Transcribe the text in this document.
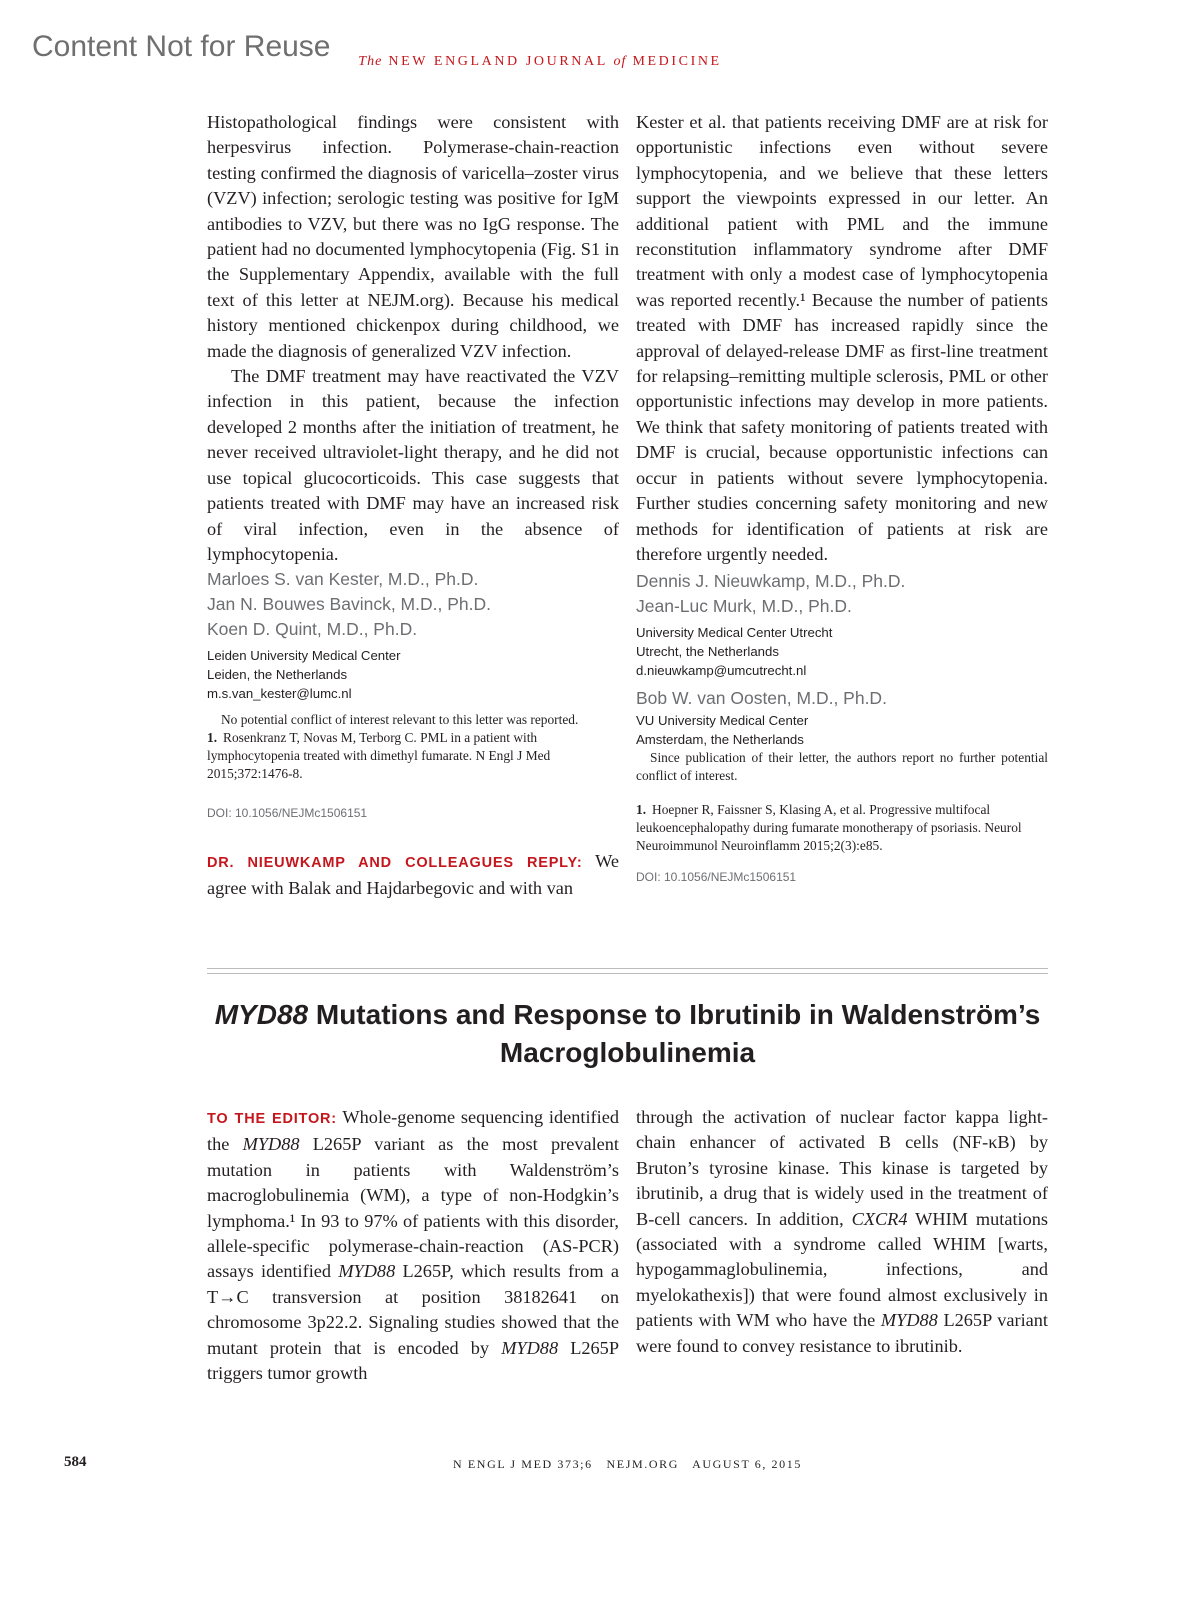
Content Not for Reuse	The NEW ENGLAND JOURNAL of MEDICINE

Histopathological findings were consistent with herpesvirus infection. Polymerase-chain-reaction testing confirmed the diagnosis of varicella–zoster virus (VZV) infection; serologic testing was positive for IgM antibodies to VZV, but there was no IgG response. The patient had no documented lymphocytopenia (Fig. S1 in the Supplementary Appendix, available with the full text of this letter at NEJM.org). Because his medical history mentioned chickenpox during childhood, we made the diagnosis of generalized VZV infection.

The DMF treatment may have reactivated the VZV infection in this patient, because the infection developed 2 months after the initiation of treatment, he never received ultraviolet-light therapy, and he did not use topical glucocorticoids. This case suggests that patients treated with DMF may have an increased risk of viral infection, even in the absence of lymphocytopenia.

Marloes S. van Kester, M.D., Ph.D.
Jan N. Bouwes Bavinck, M.D., Ph.D.
Koen D. Quint, M.D., Ph.D.
Leiden University Medical Center
Leiden, the Netherlands
m.s.van_kester@lumc.nl

No potential conflict of interest relevant to this letter was reported.

1. Rosenkranz T, Novas M, Terborg C. PML in a patient with lymphocytopenia treated with dimethyl fumarate. N Engl J Med 2015;372:1476-8.

DOI: 10.1056/NEJMc1506151

DR. NIEUWKAMP AND COLLEAGUES REPLY: We agree with Balak and Hajdarbegovic and with van

Kester et al. that patients receiving DMF are at risk for opportunistic infections even without severe lymphocytopenia, and we believe that these letters support the viewpoints expressed in our letter. An additional patient with PML and the immune reconstitution inflammatory syndrome after DMF treatment with only a modest case of lymphocytopenia was reported recently.¹ Because the number of patients treated with DMF has increased rapidly since the approval of delayed-release DMF as first-line treatment for relapsing–remitting multiple sclerosis, PML or other opportunistic infections may develop in more patients. We think that safety monitoring of patients treated with DMF is crucial, because opportunistic infections can occur in patients without severe lymphocytopenia. Further studies concerning safety monitoring and new methods for identification of patients at risk are therefore urgently needed.

Dennis J. Nieuwkamp, M.D., Ph.D.
Jean-Luc Murk, M.D., Ph.D.
University Medical Center Utrecht
Utrecht, the Netherlands
d.nieuwkamp@umcutrecht.nl
Bob W. van Oosten, M.D., Ph.D.
VU University Medical Center
Amsterdam, the Netherlands

Since publication of their letter, the authors report no further potential conflict of interest.

1. Hoepner R, Faissner S, Klasing A, et al. Progressive multifocal leukoencephalopathy during fumarate monotherapy of psoriasis. Neurol Neuroimmunol Neuroinflamm 2015;2(3):e85.

DOI: 10.1056/NEJMc1506151
MYD88 Mutations and Response to Ibrutinib in Waldenström’s
Macroglobulinemia

TO THE EDITOR: Whole-genome sequencing identified the MYD88 L265P variant as the most prevalent mutation in patients with Waldenström’s macroglobulinemia (WM), a type of non-Hodgkin’s lymphoma.¹ In 93 to 97% of patients with this disorder, allele-specific polymerase-chain-reaction (AS-PCR) assays identified MYD88 L265P, which results from a T→C transversion at position 38182641 on chromosome 3p22.2. Signaling studies showed that the mutant protein that is encoded by MYD88 L265P triggers tumor growth

through the activation of nuclear factor kappa light-chain enhancer of activated B cells (NF-κB) by Bruton’s tyrosine kinase. This kinase is targeted by ibrutinib, a drug that is widely used in the treatment of B-cell cancers. In addition, CXCR4 WHIM mutations (associated with a syndrome called WHIM [warts, hypogammaglobulinemia, infections, and myelokathexis]) that were found almost exclusively in patients with WM who have the MYD88 L265P variant were found to convey resistance to ibrutinib.

584	N ENGL J MED 373;6   NEJM.ORG   AUGUST 6, 2015
